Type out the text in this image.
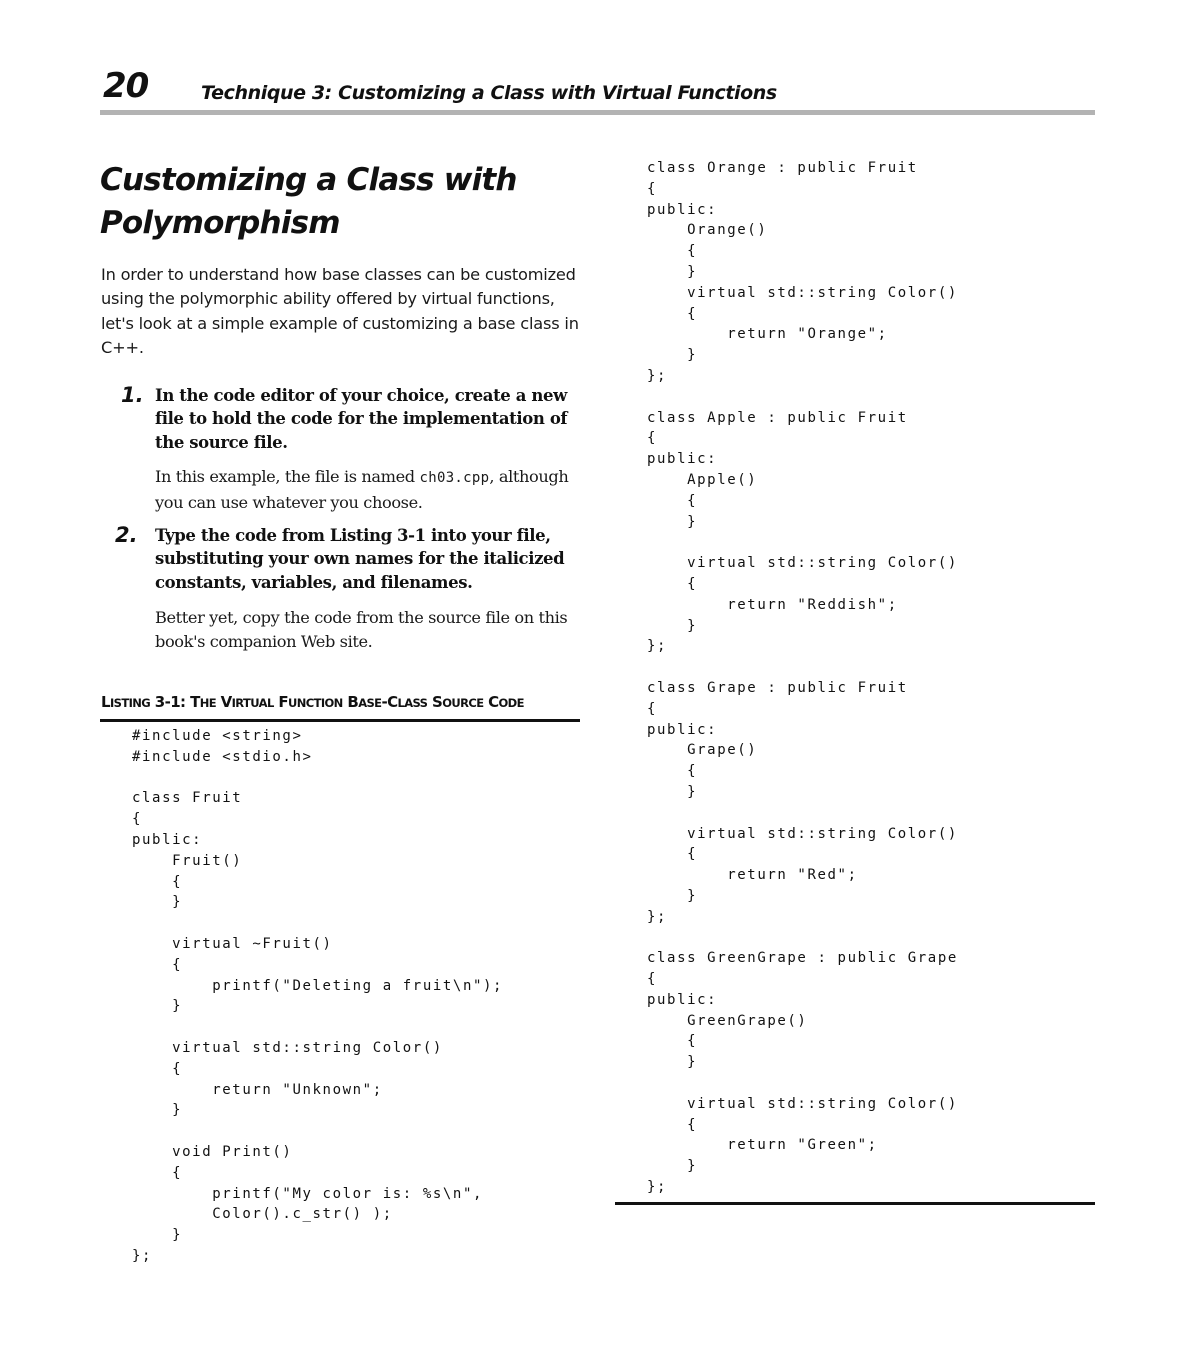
20	Technique 3: Customizing a Class with Virtual Functions
Customizing a Class with Polymorphism

In order to understand how base classes can be customized using the polymorphic ability offered by virtual functions, let's look at a simple example of customizing a base class in C++.

1. In the code editor of your choice, create a new file to hold the code for the implementation of the source file.

In this example, the file is named ch03.cpp, although you can use whatever you choose.

2. Type the code from Listing 3-1 into your file, substituting your own names for the italicized constants, variables, and filenames.

Better yet, copy the code from the source file on this book's companion Web site.

LISTING 3-1: THE VIRTUAL FUNCTION BASE-CLASS SOURCE CODE
#include <string>
#include <stdio.h>

class Fruit
{
public:
Fruit()
{
}

virtual ~Fruit()
{
printf("Deleting a fruit\n");
}

virtual std::string Color()
{
return "Unknown";
}

void Print()
{
printf("My color is: %s\n",
Color().c_str() );
}
};
class Orange : public Fruit
{
public:
Orange()
{
}
virtual std::string Color()
{
return "Orange";
}
};

class Apple : public Fruit
{
public:
Apple()
{
}

virtual std::string Color()
{
return "Reddish";
}
};

class Grape : public Fruit
{
public:
Grape()
{
}

virtual std::string Color()
{
return "Red";
}
};

class GreenGrape : public Grape
{
public:
GreenGrape()
{
}

virtual std::string Color()
{
return "Green";
}
};
